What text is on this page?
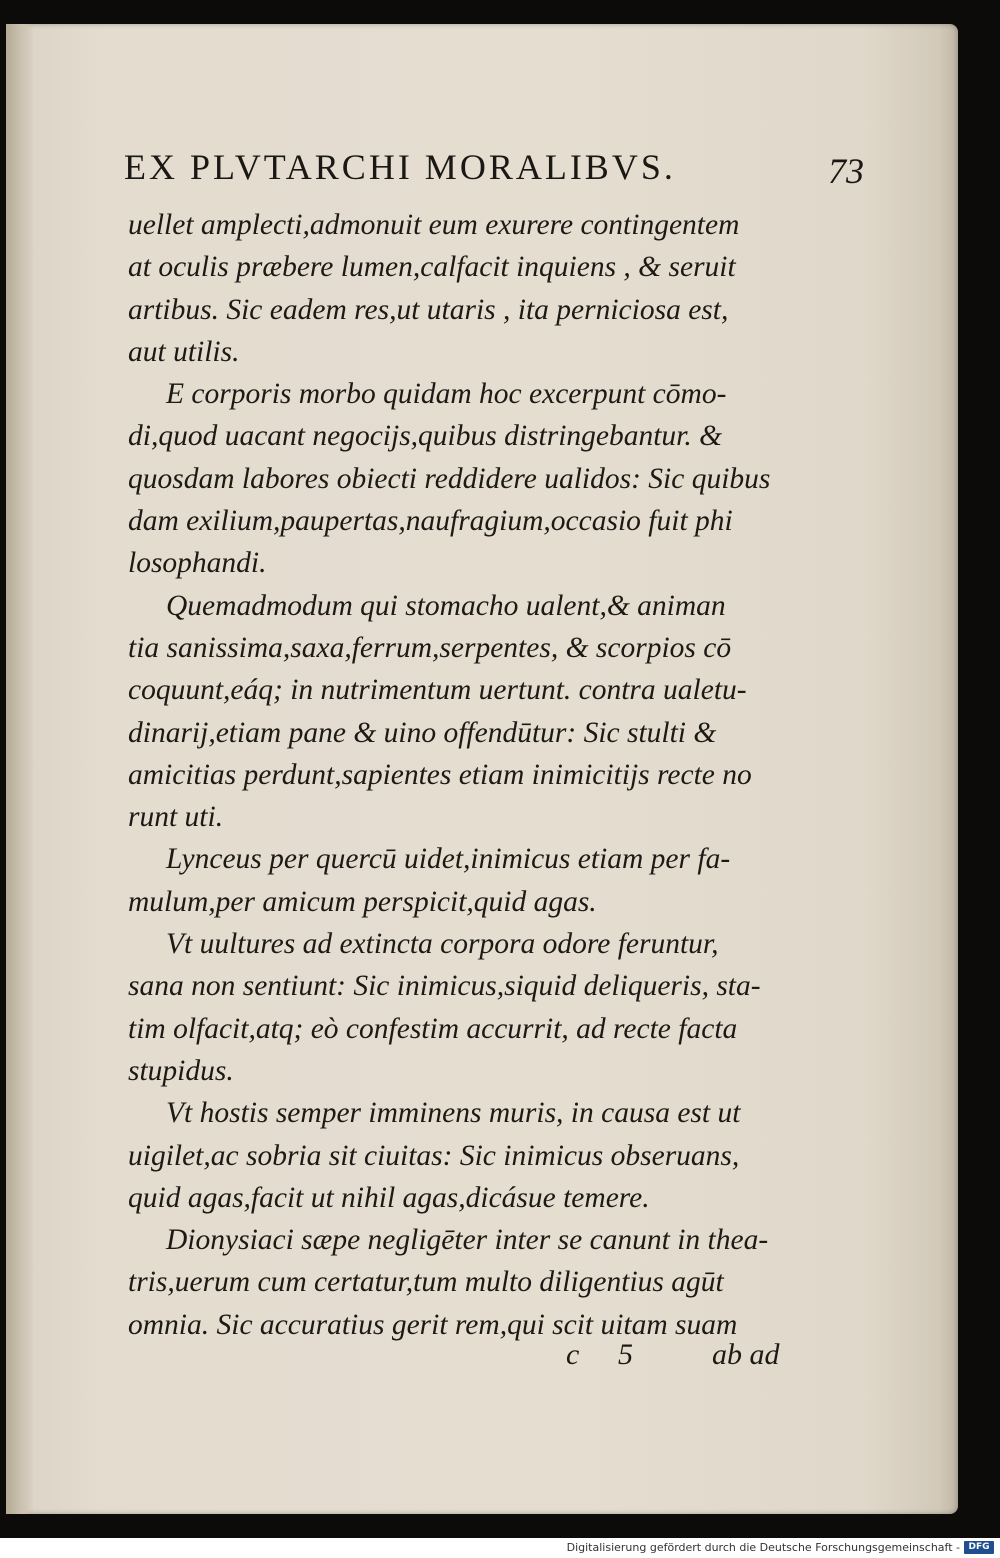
EX PLVTARCHI MORALIBVS.	73
uellet amplecti,admonuit eum exurere contingentem
at oculis præbere lumen,calfacit inquiens , & seruit
artibus. Sic eadem res,ut utaris , ita perniciosa est,
aut utilis.
E corporis morbo quidam hoc excerpunt cōmo-
di,quod uacant negocijs,quibus distringebantur. &
quosdam labores obiecti reddidere ualidos: Sic quibus
dam exilium,paupertas,naufragium,occasio fuit phi
losophandi.
Quemadmodum qui stomacho ualent,& animan
tia sanissima,saxa,ferrum,serpentes, & scorpios cō
coquunt,eáq; in nutrimentum uertunt. contra ualetu-
dinarij,etiam pane & uino offendūtur: Sic stulti &
amicitias perdunt,sapientes etiam inimicitijs recte no
runt uti.
Lynceus per quercū uidet,inimicus etiam per fa-
mulum,per amicum perspicit,quid agas.
Vt uultures ad extincta corpora odore feruntur,
sana non sentiunt: Sic inimicus,siquid deliqueris, sta-
tim olfacit,atq; eò confestim accurrit, ad recte facta
stupidus.
Vt hostis semper imminens muris, in causa est ut
uigilet,ac sobria sit ciuitas: Sic inimicus obseruans,
quid agas,facit ut nihil agas,dicásue temere.
Dionysiaci sæpe negligēter inter se canunt in thea-
tris,uerum cum certatur,tum multo diligentius agūt
omnia. Sic accuratius gerit rem,qui scit uitam suam
c 5	ab ad
Digitalisierung gefördert durch die Deutsche Forschungsgemeinschaft - DFG
